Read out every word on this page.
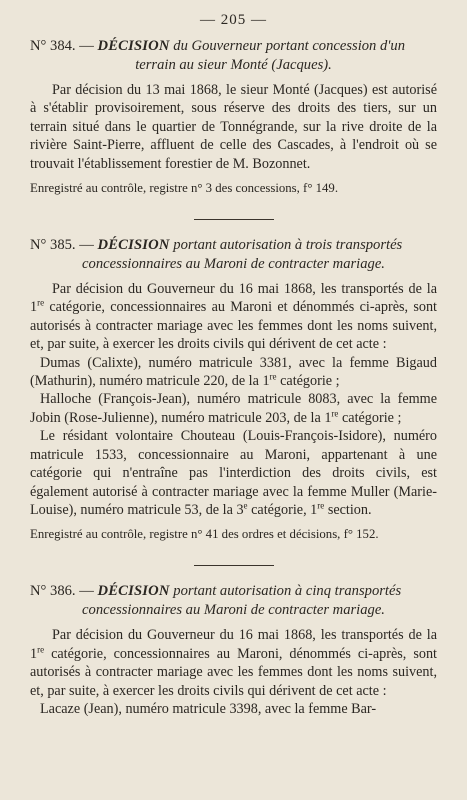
— 205 —

N° 384. — DÉCISION du Gouverneur portant concession d'un
terrain au sieur Monté (Jacques).

Par décision du 13 mai 1868, le sieur Monté (Jacques) est autorisé à s'établir provisoirement, sous réserve des droits des tiers, sur un terrain situé dans le quartier de Tonnégrande, sur la rive droite de la rivière Saint-Pierre, affluent de celle des Cascades, à l'endroit où se trouvait l'établissement forestier de M. Bozonnet.

Enregistré au contrôle, registre n° 3 des concessions, f° 149.

N° 385. — DÉCISION portant autorisation à trois transportés
concessionnaires au Maroni de contracter mariage.

Par décision du Gouverneur du 16 mai 1868, les transportés de la 1re catégorie, concessionnaires au Maroni et dénommés ci-après, sont autorisés à contracter mariage avec les femmes dont les noms suivent, et, par suite, à exercer les droits civils qui dérivent de cet acte :

Dumas (Calixte), numéro matricule 3381, avec la femme Bigaud (Mathurin), numéro matricule 220, de la 1re catégorie ;

Halloche (François-Jean), numéro matricule 8083, avec la femme Jobin (Rose-Julienne), numéro matricule 203, de la 1re catégorie ;

Le résidant volontaire Chouteau (Louis-François-Isidore), numéro matricule 1533, concessionnaire au Maroni, appartenant à une catégorie qui n'entraîne pas l'interdiction des droits civils, est également autorisé à contracter mariage avec la femme Muller (Marie-Louise), numéro matricule 53, de la 3e catégorie, 1re section.

Enregistré au contrôle, registre n° 41 des ordres et décisions, f° 152.

N° 386. — DÉCISION portant autorisation à cinq transportés
concessionnaires au Maroni de contracter mariage.

Par décision du Gouverneur du 16 mai 1868, les transportés de la 1re catégorie, concessionnaires au Maroni, dénommés ci-après, sont autorisés à contracter mariage avec les femmes dont les noms suivent, et, par suite, à exercer les droits civils qui dérivent de cet acte :

Lacaze (Jean), numéro matricule 3398, avec la femme Bar-
